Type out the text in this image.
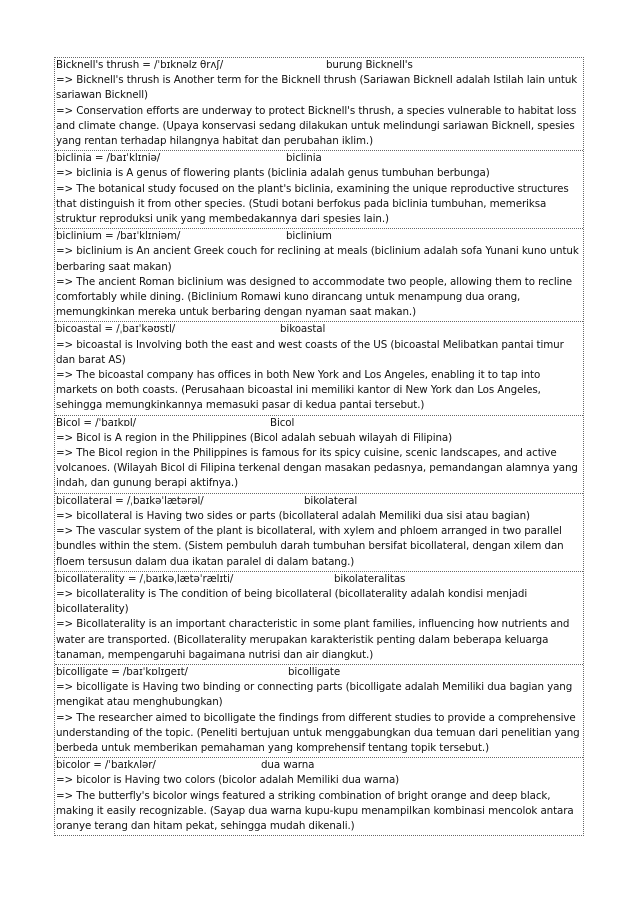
Bicknell's thrush = /ˈbɪknəlz θrʌʃ/	burung Bicknell's
=> Bicknell's thrush is Another term for the Bicknell thrush (Sariawan Bicknell adalah Istilah lain untuk sariawan Bicknell)
=> Conservation efforts are underway to protect Bicknell's thrush, a species vulnerable to habitat loss and climate change. (Upaya konservasi sedang dilakukan untuk melindungi sariawan Bicknell, spesies yang rentan terhadap hilangnya habitat dan perubahan iklim.)
biclinia = /baɪˈklɪniə/	biclinia
=> biclinia is A genus of flowering plants (biclinia adalah genus tumbuhan berbunga)
=> The botanical study focused on the plant's biclinia, examining the unique reproductive structures that distinguish it from other species. (Studi botani berfokus pada biclinia tumbuhan, memeriksa struktur reproduksi unik yang membedakannya dari spesies lain.)
biclinium = /baɪˈklɪniəm/	biclinium
=> biclinium is An ancient Greek couch for reclining at meals (biclinium adalah sofa Yunani kuno untuk berbaring saat makan)
=> The ancient Roman biclinium was designed to accommodate two people, allowing them to recline comfortably while dining. (Biclinium Romawi kuno dirancang untuk menampung dua orang, memungkinkan mereka untuk berbaring dengan nyaman saat makan.)
bicoastal = /ˌbaɪˈkəʊstl/	bikoastal
=> bicoastal is Involving both the east and west coasts of the US (bicoastal Melibatkan pantai timur dan barat AS)
=> The bicoastal company has offices in both New York and Los Angeles, enabling it to tap into markets on both coasts. (Perusahaan bicoastal ini memiliki kantor di New York dan Los Angeles, sehingga memungkinkannya memasuki pasar di kedua pantai tersebut.)
Bicol = /ˈbaɪkɒl/	Bicol
=> Bicol is A region in the Philippines (Bicol adalah sebuah wilayah di Filipina)
=> The Bicol region in the Philippines is famous for its spicy cuisine, scenic landscapes, and active volcanoes. (Wilayah Bicol di Filipina terkenal dengan masakan pedasnya, pemandangan alamnya yang indah, dan gunung berapi aktifnya.)
bicollateral = /ˌbaɪkəˈlætərəl/	bikolateral
=> bicollateral is Having two sides or parts (bicollateral adalah Memiliki dua sisi atau bagian)
=> The vascular system of the plant is bicollateral, with xylem and phloem arranged in two parallel bundles within the stem. (Sistem pembuluh darah tumbuhan bersifat bicollateral, dengan xilem dan floem tersusun dalam dua ikatan paralel di dalam batang.)
bicollaterality = /ˌbaɪkəˌlætəˈrælɪti/	bikolateralitas
=> bicollaterality is The condition of being bicollateral (bicollaterality adalah kondisi menjadi bicollaterality)
=> Bicollaterality is an important characteristic in some plant families, influencing how nutrients and water are transported. (Bicollaterality merupakan karakteristik penting dalam beberapa keluarga tanaman, mempengaruhi bagaimana nutrisi dan air diangkut.)
bicolligate = /baɪˈkɒlɪɡeɪt/	bicolligate
=> bicolligate is Having two binding or connecting parts (bicolligate adalah Memiliki dua bagian yang mengikat atau menghubungkan)
=> The researcher aimed to bicolligate the findings from different studies to provide a comprehensive understanding of the topic. (Peneliti bertujuan untuk menggabungkan dua temuan dari penelitian yang berbeda untuk memberikan pemahaman yang komprehensif tentang topik tersebut.)
bicolor = /ˈbaɪkʌlər/	dua warna
=> bicolor is Having two colors (bicolor adalah Memiliki dua warna)
=> The butterfly's bicolor wings featured a striking combination of bright orange and deep black, making it easily recognizable. (Sayap dua warna kupu-kupu menampilkan kombinasi mencolok antara oranye terang dan hitam pekat, sehingga mudah dikenali.)
